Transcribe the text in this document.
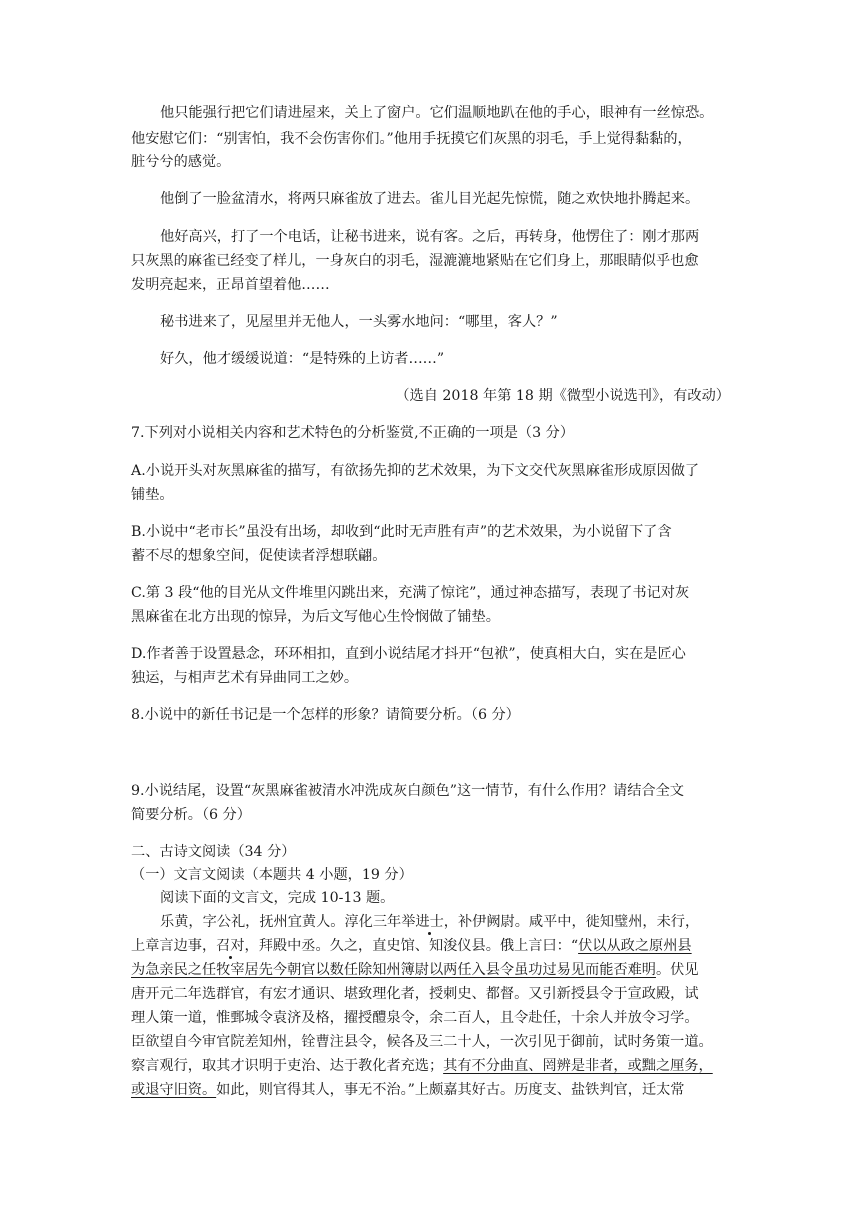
他只能强行把它们请进屋来，关上了窗户。它们温顺地趴在他的手心，眼神有一丝惊恐。
他安慰它们：“别害怕，我不会伤害你们。”他用手抚摸它们灰黑的羽毛，手上觉得黏黏的，
脏兮兮的感觉。
他倒了一脸盆清水，将两只麻雀放了进去。雀儿目光起先惊慌，随之欢快地扑腾起来。
他好高兴，打了一个电话，让秘书进来，说有客。之后，再转身，他愣住了：刚才那两
只灰黑的麻雀已经变了样儿，一身灰白的羽毛，湿漉漉地紧贴在它们身上，那眼睛似乎也愈
发明亮起来，正昂首望着他……
秘书进来了，见屋里并无他人，一头雾水地问：“哪里，客人？”
好久，他才缓缓说道：“是特殊的上访者……”
（选自 2018 年第 18 期《微型小说选刊》，有改动）
7.下列对小说相关内容和艺术特色的分析鉴赏,不正确的一项是（3 分）
A.小说开头对灰黑麻雀的描写，有欲扬先抑的艺术效果，为下文交代灰黑麻雀形成原因做了
铺垫。
B.小说中“老市长”虽没有出场，却收到“此时无声胜有声”的艺术效果，为小说留下了含
蓄不尽的想象空间，促使读者浮想联翩。
C.第 3 段“他的目光从文件堆里闪跳出来，充满了惊诧”，通过神态描写，表现了书记对灰
黑麻雀在北方出现的惊异，为后文写他心生怜悯做了铺垫。
D.作者善于设置悬念，环环相扣，直到小说结尾才抖开“包袱”，使真相大白，实在是匠心
独运，与相声艺术有异曲同工之妙。
8.小说中的新任书记是一个怎样的形象？请简要分析。（6 分）
9.小说结尾，设置“灰黑麻雀被清水冲洗成灰白颜色”这一情节，有什么作用？请结合全文
简要分析。（6 分）
二、古诗文阅读（34 分）
（一）文言文阅读（本题共 4 小题，19 分）
阅读下面的文言文，完成 10-13 题。
乐黄，字公礼，抚州宜黄人。淳化三年举进士，补伊阙尉。咸平中，徙知璧州，未行，
上章言边事，召对，拜殿中丞。久之，直史馆、知浚仪县。俄上言曰：“伏以从政之原州县
为急亲民之任牧宰居先今朝官以数任除知州簿尉以两任入县令虽功过易见而能否难明。伏见
唐开元二年选群官，有宏才通识、堪致理化者，授刺史、都督。又引新授县令于宣政殿，试
理人策一道，惟鄄城令袁济及格，擢授醴泉令，余二百人，且令赴任，十余人并放令习学。
臣欲望自今审官院差知州，铨曹注县令，候各及三二十人，一次引见于御前，试时务策一道。
察言观行，取其才识明于吏治、达于教化者充选；其有不分曲直、罔辨是非者，或黜之厘务，
或退守旧资。如此，则官得其人，事无不治。”上颇嘉其好古。历度支、盐铁判官，迁太常
